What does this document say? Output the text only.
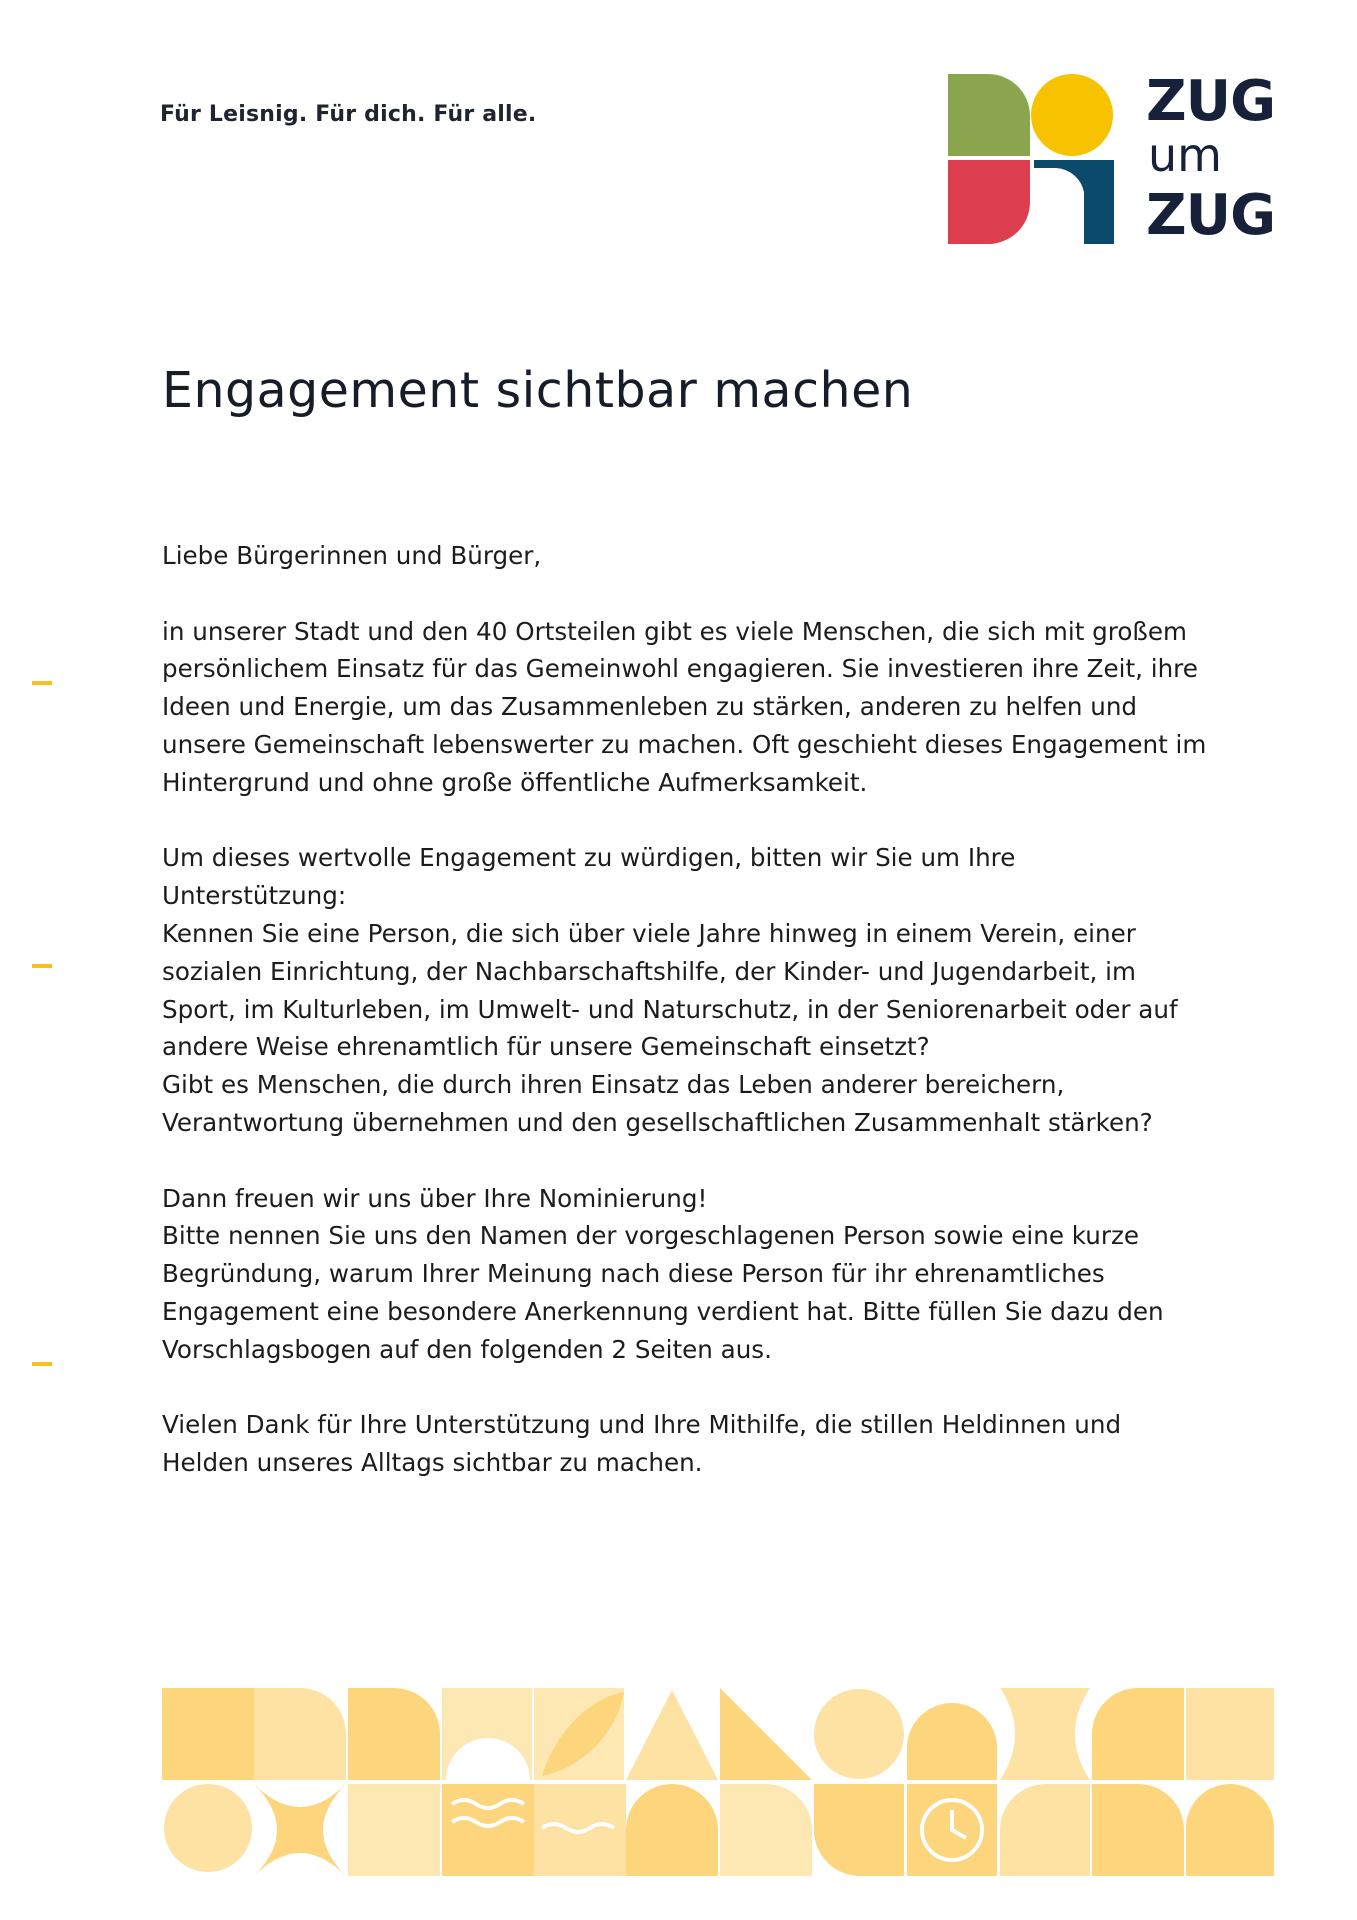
Für Leisnig. Für dich. Für alle.	ZUG
um
ZUG
Engagement sichtbar machen

Liebe Bürgerinnen und Bürger,

in unserer Stadt und den 40 Ortsteilen gibt es viele Menschen, die sich mit großem

persönlichem Einsatz für das Gemeinwohl engagieren. Sie investieren ihre Zeit, ihre

Ideen und Energie, um das Zusammenleben zu stärken, anderen zu helfen und

unsere Gemeinschaft lebenswerter zu machen. Oft geschieht dieses Engagement im

Hintergrund und ohne große öffentliche Aufmerksamkeit.

Um dieses wertvolle Engagement zu würdigen, bitten wir Sie um Ihre

Unterstützung:

Kennen Sie eine Person, die sich über viele Jahre hinweg in einem Verein, einer

sozialen Einrichtung, der Nachbarschaftshilfe, der Kinder- und Jugendarbeit, im

Sport, im Kulturleben, im Umwelt- und Naturschutz, in der Seniorenarbeit oder auf

andere Weise ehrenamtlich für unsere Gemeinschaft einsetzt?

Gibt es Menschen, die durch ihren Einsatz das Leben anderer bereichern,

Verantwortung übernehmen und den gesellschaftlichen Zusammenhalt stärken?

Dann freuen wir uns über Ihre Nominierung!

Bitte nennen Sie uns den Namen der vorgeschlagenen Person sowie eine kurze

Begründung, warum Ihrer Meinung nach diese Person für ihr ehrenamtliches

Engagement eine besondere Anerkennung verdient hat. Bitte füllen Sie dazu den

Vorschlagsbogen auf den folgenden 2 Seiten aus.

Vielen Dank für Ihre Unterstützung und Ihre Mithilfe, die stillen Heldinnen und

Helden unseres Alltags sichtbar zu machen.
